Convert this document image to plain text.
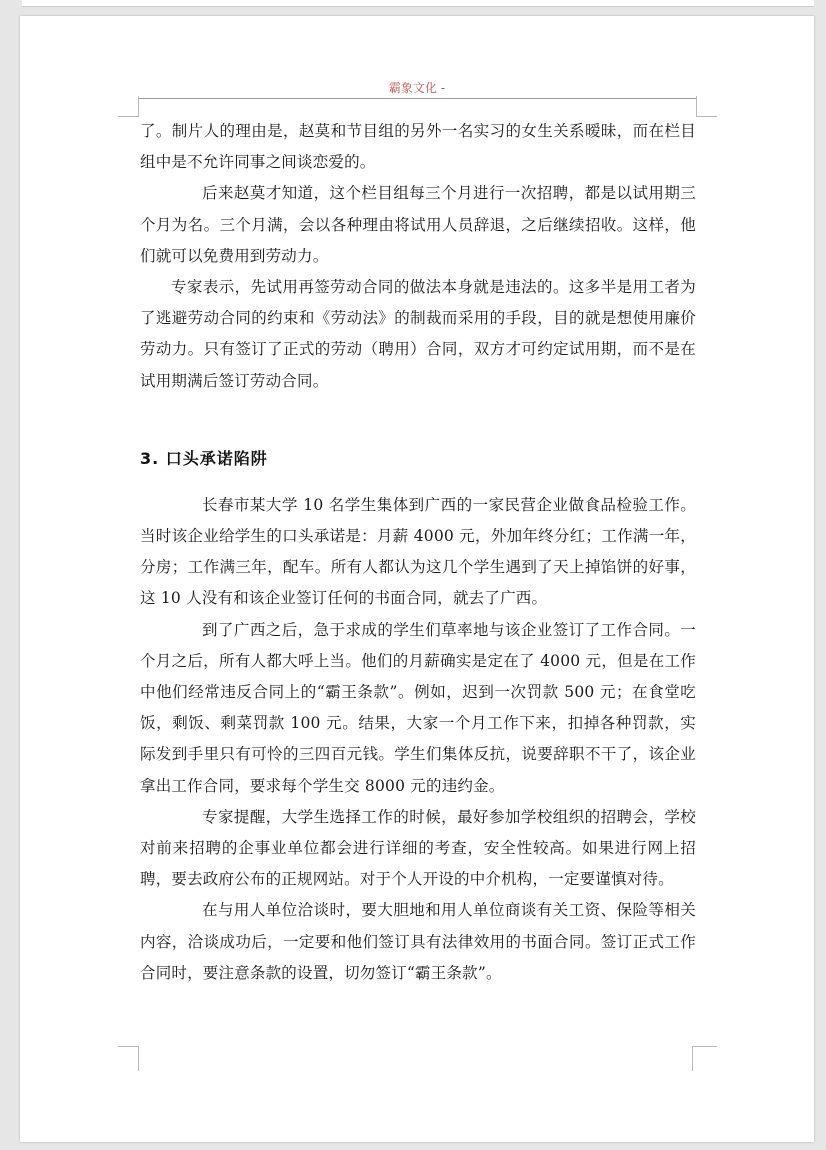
霸象文化 -

了。制片人的理由是，赵莫和节目组的另外一名实习的女生关系暧昧，而在栏目组中是不允许同事之间谈恋爱的。

后来赵莫才知道，这个栏目组每三个月进行一次招聘，都是以试用期三个月为名。三个月满，会以各种理由将试用人员辞退，之后继续招收。这样，他们就可以免费用到劳动力。

专家表示，先试用再签劳动合同的做法本身就是违法的。这多半是用工者为了逃避劳动合同的约束和《劳动法》的制裁而采用的手段，目的就是想使用廉价劳动力。只有签订了正式的劳动（聘用）合同，双方才可约定试用期，而不是在试用期满后签订劳动合同。

3. 口头承诺陷阱

长春市某大学 10 名学生集体到广西的一家民营企业做食品检验工作。当时该企业给学生的口头承诺是：月薪 4000 元，外加年终分红；工作满一年，分房；工作满三年，配车。所有人都认为这几个学生遇到了天上掉馅饼的好事，这 10 人没有和该企业签订任何的书面合同，就去了广西。

到了广西之后，急于求成的学生们草率地与该企业签订了工作合同。一个月之后，所有人都大呼上当。他们的月薪确实是定在了 4000 元，但是在工作中他们经常违反合同上的“霸王条款”。例如，迟到一次罚款 500 元；在食堂吃饭，剩饭、剩菜罚款 100 元。结果，大家一个月工作下来，扣掉各种罚款，实际发到手里只有可怜的三四百元钱。学生们集体反抗，说要辞职不干了，该企业拿出工作合同，要求每个学生交 8000 元的违约金。

专家提醒，大学生选择工作的时候，最好参加学校组织的招聘会，学校对前来招聘的企事业单位都会进行详细的考查，安全性较高。如果进行网上招聘，要去政府公布的正规网站。对于个人开设的中介机构，一定要谨慎对待。

在与用人单位洽谈时，要大胆地和用人单位商谈有关工资、保险等相关内容，洽谈成功后，一定要和他们签订具有法律效用的书面合同。签订正式工作合同时，要注意条款的设置，切勿签订“霸王条款”。
